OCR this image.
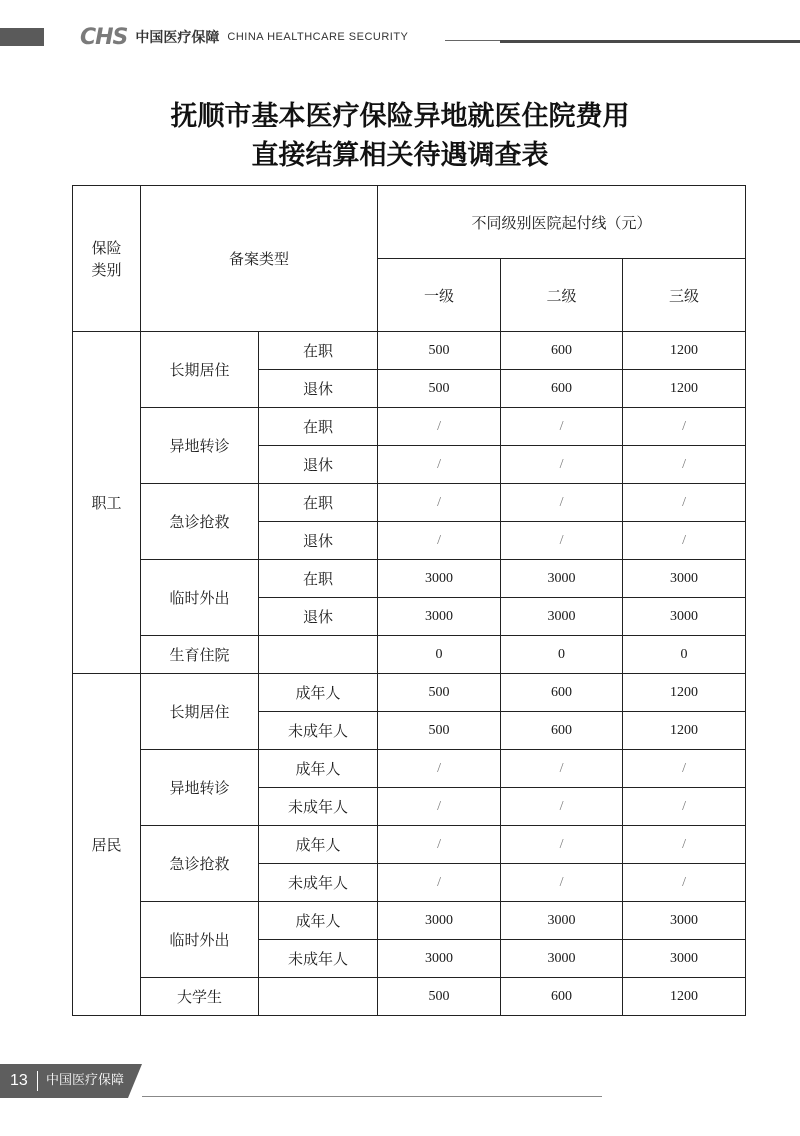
CHS 中国医疗保障 CHINA HEALTHCARE SECURITY
抚顺市基本医疗保险异地就医住院费用
直接结算相关待遇调查表
保险
类别	备案类型		不同级别医院起付线（元）		
			一级	二级	三级
职工	长期居住	在职	500	600	1200
		退休	500	600	1200
	异地转诊	在职	/	/	/
		退休	/	/	/
	急诊抢救	在职	/	/	/
		退休	/	/	/
	临时外出	在职	3000	3000	3000
		退休	3000	3000	3000
	生育住院		0	0	0
居民	长期居住	成年人	500	600	1200
		未成年人	500	600	1200
	异地转诊	成年人	/	/	/
		未成年人	/	/	/
	急诊抢救	成年人	/	/	/
		未成年人	/	/	/
	临时外出	成年人	3000	3000	3000
		未成年人	3000	3000	3000
	大学生		500	600	1200
13 中国医疗保障
